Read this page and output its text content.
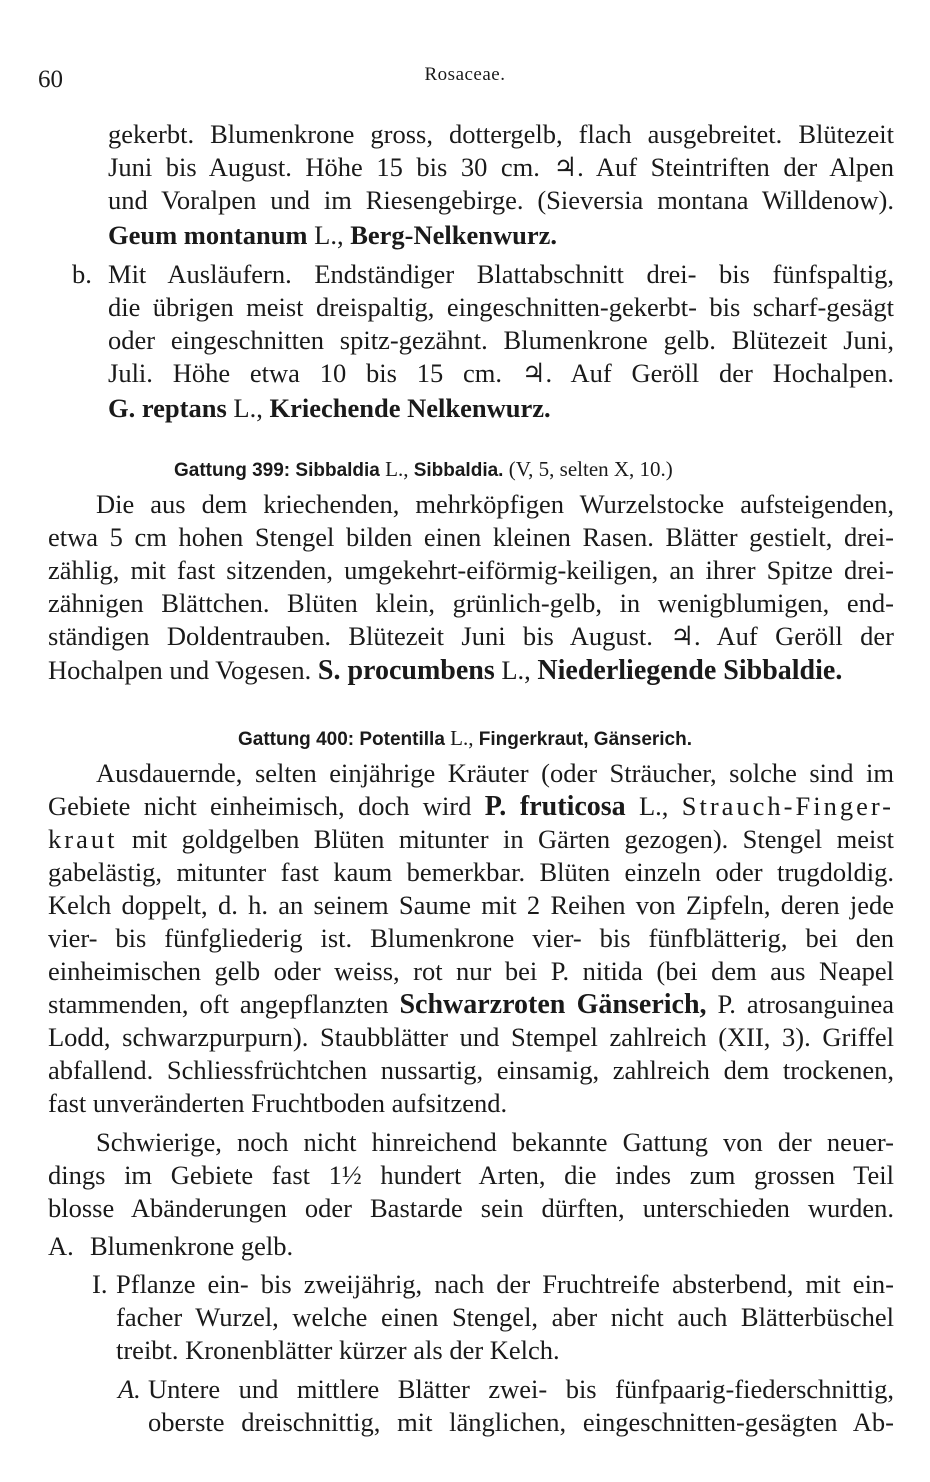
60	Rosaceae.
gekerbt. Blumenkrone gross, dottergelb, flach ausgebreitet. Blütezeit
Juni bis August. Höhe 15 bis 30 cm. ♃. Auf Steintriften der Alpen
und Voralpen und im Riesengebirge. (Sieversia montana Willdenow).
Geum montanum L., Berg-Nelkenwurz.
b. Mit Ausläufern. Endständiger Blattabschnitt drei- bis fünfspaltig,
die übrigen meist dreispaltig, eingeschnitten-gekerbt- bis scharf-gesägt
oder eingeschnitten spitz-gezähnt. Blumenkrone gelb. Blütezeit Juni,
Juli. Höhe etwa 10 bis 15 cm. ♃. Auf Geröll der Hochalpen.
G. reptans L., Kriechende Nelkenwurz.
Gattung 399: Sibbaldia L., Sibbaldia. (V, 5, selten X, 10.)
Die aus dem kriechenden, mehrköpfigen Wurzelstocke aufsteigenden,
etwa 5 cm hohen Stengel bilden einen kleinen Rasen. Blätter gestielt, drei-
zählig, mit fast sitzenden, umgekehrt-eiförmig-keiligen, an ihrer Spitze drei-
zähnigen Blättchen. Blüten klein, grünlich-gelb, in wenigblumigen, end-
ständigen Doldentrauben. Blütezeit Juni bis August. ♃. Auf Geröll der
Hochalpen und Vogesen. S. procumbens L., Niederliegende Sibbaldie.
Gattung 400: Potentilla L., Fingerkraut, Gänserich.
Ausdauernde, selten einjährige Kräuter (oder Sträucher, solche sind im
Gebiete nicht einheimisch, doch wird P. fruticosa L., Strauch-Finger-
kraut mit goldgelben Blüten mitunter in Gärten gezogen). Stengel meist
gabelästig, mitunter fast kaum bemerkbar. Blüten einzeln oder trugdoldig.
Kelch doppelt, d. h. an seinem Saume mit 2 Reihen von Zipfeln, deren jede
vier- bis fünfgliederig ist. Blumenkrone vier- bis fünfblätterig, bei den
einheimischen gelb oder weiss, rot nur bei P. nitida (bei dem aus Neapel
stammenden, oft angepflanzten Schwarzroten Gänserich, P. atrosanguinea
Lodd, schwarzpurpurn). Staubblätter und Stempel zahlreich (XII, 3). Griffel
abfallend. Schliessfrüchtchen nussartig, einsamig, zahlreich dem trockenen,
fast unveränderten Fruchtboden aufsitzend.
Schwierige, noch nicht hinreichend bekannte Gattung von der neuer-
dings im Gebiete fast 1½ hundert Arten, die indes zum grossen Teil
blosse Abänderungen oder Bastarde sein dürften, unterschieden wurden.
A. Blumenkrone gelb.
I. Pflanze ein- bis zweijährig, nach der Fruchtreife absterbend, mit ein-
facher Wurzel, welche einen Stengel, aber nicht auch Blätterbüschel
treibt. Kronenblätter kürzer als der Kelch.
A. Untere und mittlere Blätter zwei- bis fünfpaarig-fiederschnittig,
oberste dreischnittig, mit länglichen, eingeschnitten-gesägten Ab-
